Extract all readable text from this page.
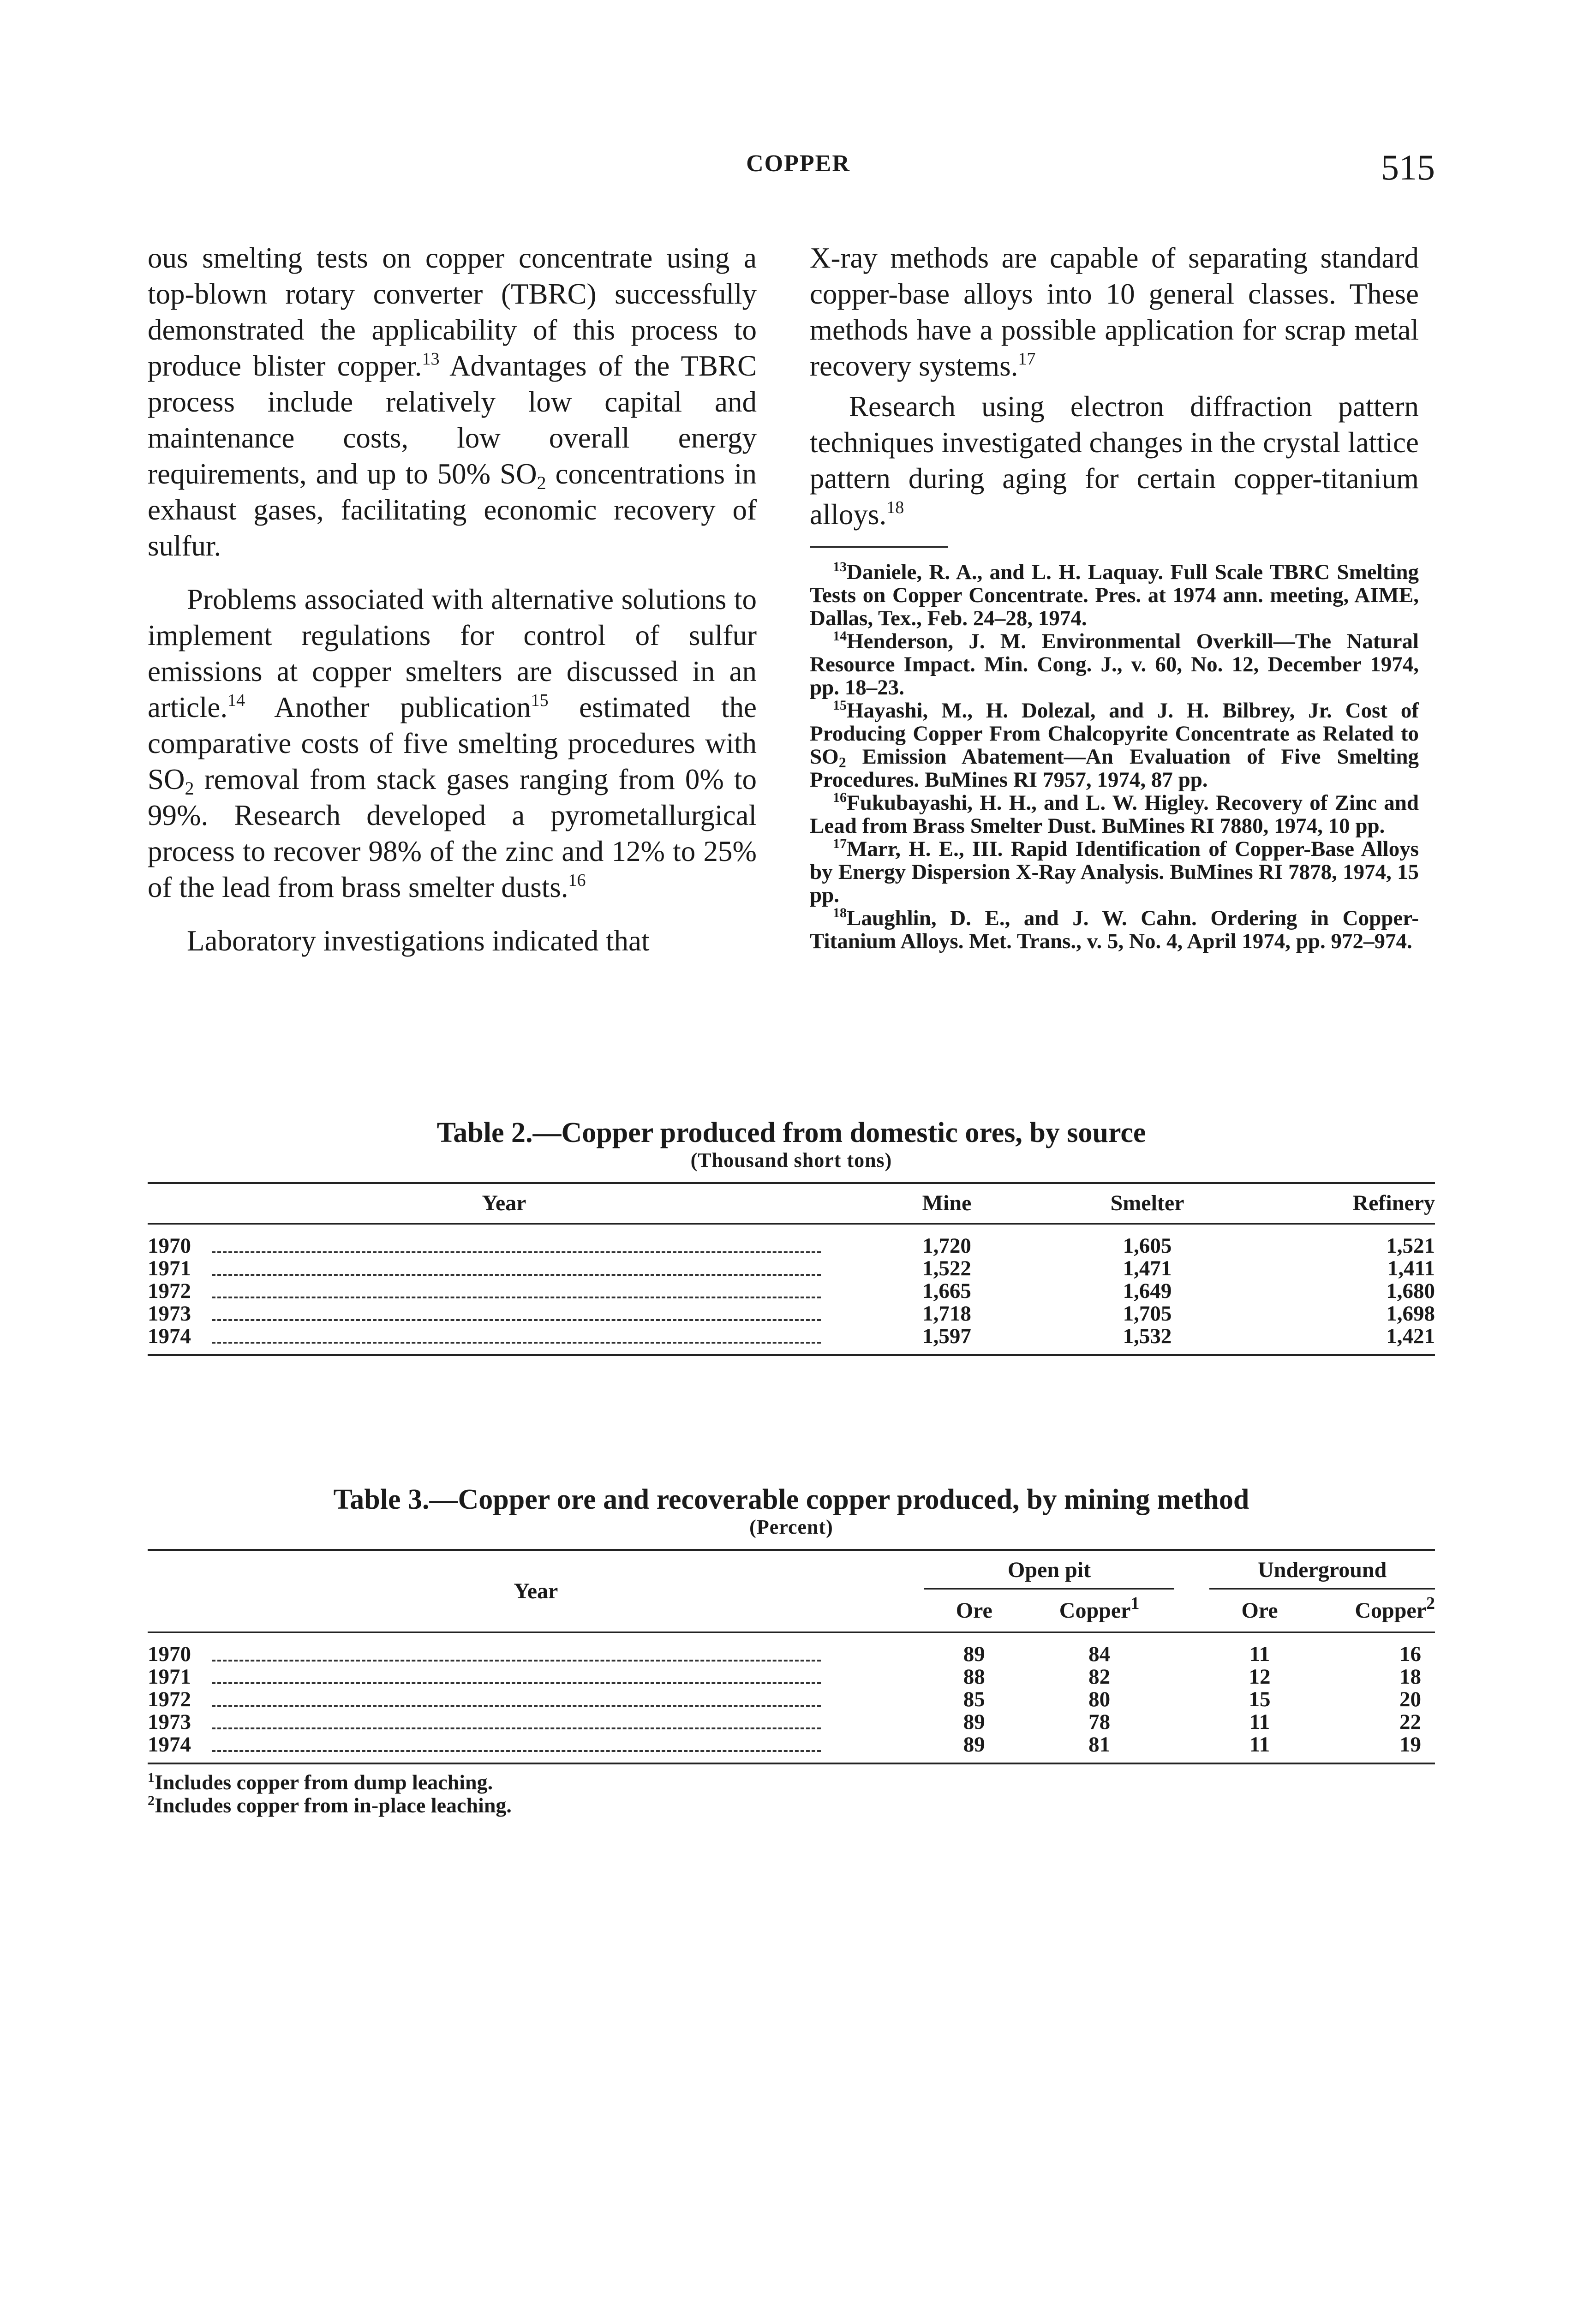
COPPER	515

ous smelting tests on copper concentrate using a top-blown rotary converter (TBRC) successfully demonstrated the applicability of this process to produce blister copper.$^{13}$ Advantages of the TBRC process include relatively low capital and maintenance costs, low overall energy requirements, and up to 50% $SO_2$ concentrations in exhaust gases, facilitating economic recovery of sulfur.

Problems associated with alternative solutions to implement regulations for control of sulfur emissions at copper smelters are discussed in an article.$^{14}$ Another publication$^{15}$ estimated the comparative costs of five smelting procedures with $SO_2$ removal from stack gases ranging from 0% to 99%. Research developed a pyrometallurgical process to recover 98% of the zinc and 12% to 25% of the lead from brass smelter dusts.$^{16}$

Laboratory investigations indicated that

X-ray methods are capable of separating standard copper-base alloys into 10 general classes. These methods have a possible application for scrap metal recovery systems.$^{17}$

Research using electron diffraction pattern techniques investigated changes in the crystal lattice pattern during aging for certain copper-titanium alloys.$^{18}$

$^{13}$Daniele, R. A., and L. H. Laquay. Full Scale TBRC Smelting Tests on Copper Concentrate. Pres. at 1974 ann. meeting, AIME, Dallas, Tex., Feb. 24–28, 1974.

$^{14}$Henderson, J. M. Environmental Overkill—The Natural Resource Impact. Min. Cong. J., v. 60, No. 12, December 1974, pp. 18–23.

$^{15}$Hayashi, M., H. Dolezal, and J. H. Bilbrey, Jr. Cost of Producing Copper From Chalcopyrite Concentrate as Related to $SO_2$ Emission Abatement—An Evaluation of Five Smelting Procedures. BuMines RI 7957, 1974, 87 pp.

$^{16}$Fukubayashi, H. H., and L. W. Higley. Recovery of Zinc and Lead from Brass Smelter Dust. BuMines RI 7880, 1974, 10 pp.

$^{17}$Marr, H. E., III. Rapid Identification of Copper-Base Alloys by Energy Dispersion X-Ray Analysis. BuMines RI 7878, 1974, 15 pp.

$^{18}$Laughlin, D. E., and J. W. Cahn. Ordering in Copper-Titanium Alloys. Met. Trans., v. 5, No. 4, April 1974, pp. 972–974.

Table 2.—Copper produced from domestic ores, by source
(Thousand short tons)
Year	Mine	Smelter	Refinery
1970	1,720	1,605	1,521
1971	1,522	1,471	1,411
1972	1,665	1,649	1,680
1973	1,718	1,705	1,698
1974	1,597	1,532	1,421
Table 3.—Copper ore and recoverable copper produced, by mining method
(Percent)
Year	Open pit			Underground	
	Ore	Copper$^1$		Ore	Copper$^2$
1970	89	84		11	16
1971	88	82		12	18
1972	85	80		15	20
1973	89	78		11	22
1974	89	81		11	19
$^1$Includes copper from dump leaching.
$^2$Includes copper from in-place leaching.
